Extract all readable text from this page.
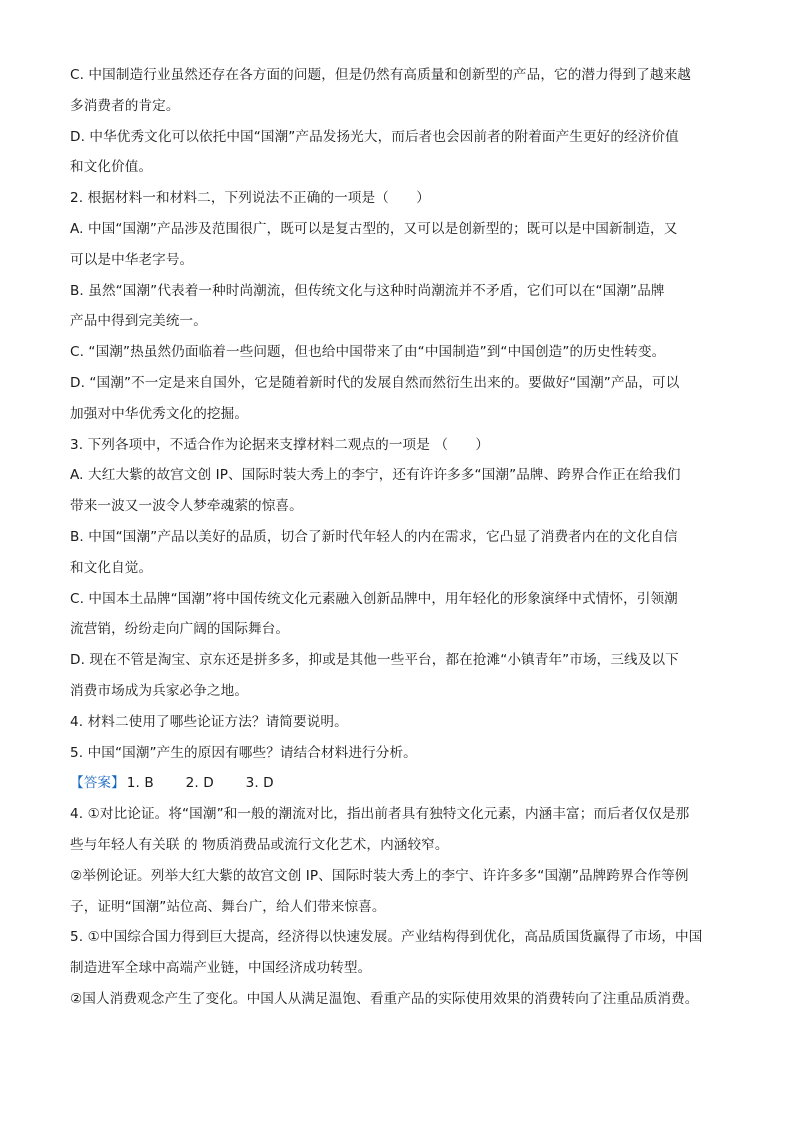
C. 中国制造行业虽然还存在各方面的问题，但是仍然有高质量和创新型的产品，它的潜力得到了越来越
多消费者的肯定。
D. 中华优秀文化可以依托中国“国潮”产品发扬光大，而后者也会因前者的附着面产生更好的经济价值
和文化价值。
2. 根据材料一和材料二，下列说法不正确的一项是（　　）
A. 中国“国潮”产品涉及范围很广，既可以是复古型的，又可以是创新型的；既可以是中国新制造，又
可以是中华老字号。
B. 虽然“国潮”代表着一种时尚潮流，但传统文化与这种时尚潮流并不矛盾，它们可以在“国潮”品牌
产品中得到完美统一。
C. “国潮”热虽然仍面临着一些问题，但也给中国带来了由“中国制造”到“中国创造”的历史性转变。
D. “国潮”不一定是来自国外，它是随着新时代的发展自然而然衍生出来的。要做好“国潮”产品，可以
加强对中华优秀文化的挖掘。
3. 下列各项中，不适合作为论据来支撑材料二观点的一项是 （　　）
A. 大红大紫的故宫文创 IP、国际时装大秀上的李宁，还有许许多多“国潮”品牌、跨界合作正在给我们
带来一波又一波令人梦牵魂萦的惊喜。
B. 中国“国潮”产品以美好的品质，切合了新时代年轻人的内在需求，它凸显了消费者内在的文化自信
和文化自觉。
C. 中国本土品牌“国潮”将中国传统文化元素融入创新品牌中，用年轻化的形象演绎中式情怀，引领潮
流营销，纷纷走向广阔的国际舞台。
D. 现在不管是淘宝、京东还是拼多多，抑或是其他一些平台，都在抢滩“小镇青年”市场，三线及以下
消费市场成为兵家必争之地。
4. 材料二使用了哪些论证方法？请简要说明。
5. 中国“国潮”产生的原因有哪些？请结合材料进行分析。
【答案】 1. B　　 2. D　　 3. D
4. ①对比论证。将“国潮”和一般的潮流对比，指出前者具有独特文化元素，内涵丰富；而后者仅仅是那
些与年轻人有关联 的 物质消费品或流行文化艺术，内涵较窄。
②举例论证。列举大红大紫的故宫文创 IP、国际时装大秀上的李宁、许许多多“国潮”品牌跨界合作等例
子，证明“国潮”站位高、舞台广，给人们带来惊喜。
5. ①中国综合国力得到巨大提高，经济得以快速发展。产业结构得到优化，高品质国货赢得了市场，中国
制造进军全球中高端产业链，中国经济成功转型。
②国人消费观念产生了变化。中国人从满足温饱、看重产品的实际使用效果的消费转向了注重品质消费。
